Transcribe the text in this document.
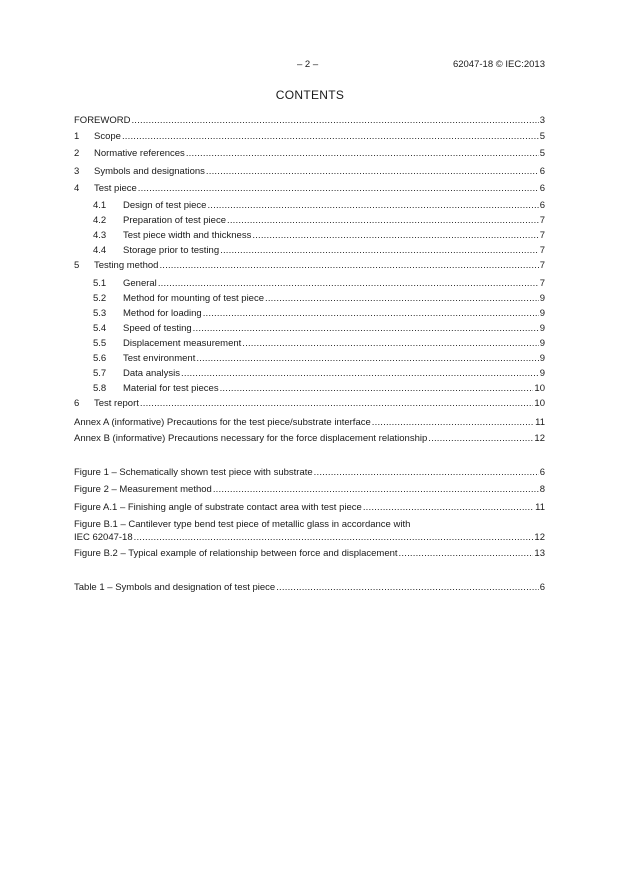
– 2 –	62047-18 © IEC:2013
CONTENTS
FOREWORD .....	3
1	Scope .....	5
2	Normative references .....	5
3	Symbols and designations .....	6
4	Test piece .....	6
4.1	Design of test piece .....	6
4.2	Preparation of test piece .....	7
4.3	Test piece width and thickness .....	7
4.4	Storage prior to testing .....	7
5	Testing method .....	7
5.1	General .....	7
5.2	Method for mounting of test piece .....	9
5.3	Method for loading .....	9
5.4	Speed of testing .....	9
5.5	Displacement measurement .....	9
5.6	Test environment .....	9
5.7	Data analysis .....	9
5.8	Material for test pieces .....	10
6	Test report .....	10
Annex A (informative) Precautions for the test piece/substrate interface .....	11
Annex B (informative) Precautions necessary for the force displacement relationship .....	12
Figure 1 – Schematically shown test piece with substrate .....	6
Figure 2 – Measurement method .....	8
Figure A.1 – Finishing angle of substrate contact area with test piece .....	11
Figure B.1 – Cantilever type bend test piece of metallic glass in accordance with
IEC 62047-18 .....	12
Figure B.2 – Typical example of relationship between force and displacement .....	13
Table 1 – Symbols and designation of test piece .....	6
